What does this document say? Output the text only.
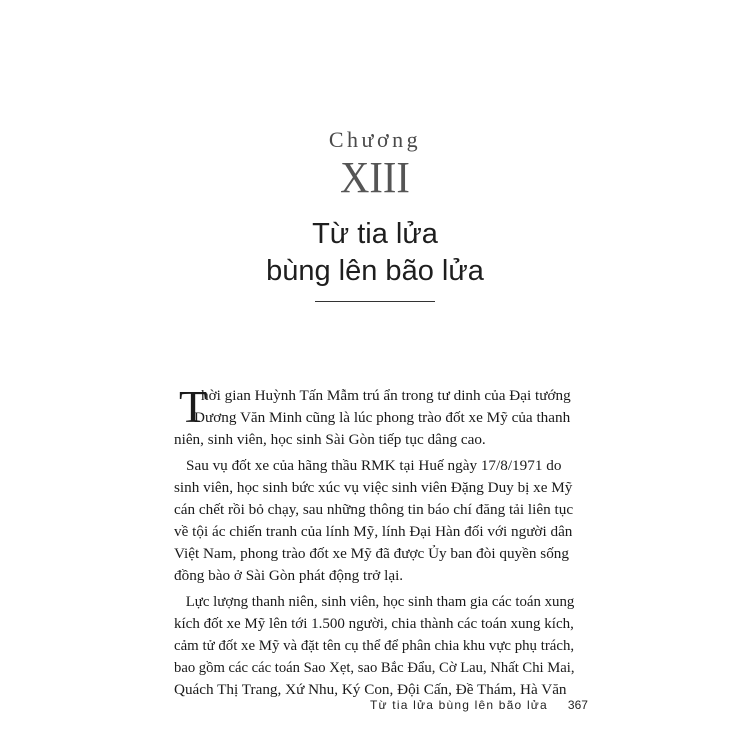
Chương
XIII
Từ tia lửa
bùng lên bão lửa

T
hời gian Huỳnh Tấn Mẫm trú ẩn trong tư dinh của Đại tướng
Dương Văn Minh cũng là lúc phong trào đốt xe Mỹ của thanh
niên, sinh viên, học sinh Sài Gòn tiếp tục dâng cao.

Sau vụ đốt xe của hãng thầu RMK tại Huế ngày 17/8/1971 do
sinh viên, học sinh bức xúc vụ việc sinh viên Đặng Duy bị xe Mỹ
cán chết rồi bỏ chạy, sau những thông tin báo chí đăng tải liên tục
về tội ác chiến tranh của lính Mỹ, lính Đại Hàn đối với người dân
Việt Nam, phong trào đốt xe Mỹ đã được Ủy ban đòi quyền sống
đồng bào ở Sài Gòn phát động trở lại.

Lực lượng thanh niên, sinh viên, học sinh tham gia các toán xung
kích đốt xe Mỹ lên tới 1.500 người, chia thành các toán xung kích,
cảm tử đốt xe Mỹ và đặt tên cụ thể để phân chia khu vực phụ trách,
bao gồm các các toán Sao Xẹt, sao Bắc Đẩu, Cờ Lau, Nhất Chi Mai,
Quách Thị Trang, Xứ Nhu, Ký Con, Đội Cấn, Đề Thám, Hà Văn

Từ tia lửa bùng lên bão lửa 367
